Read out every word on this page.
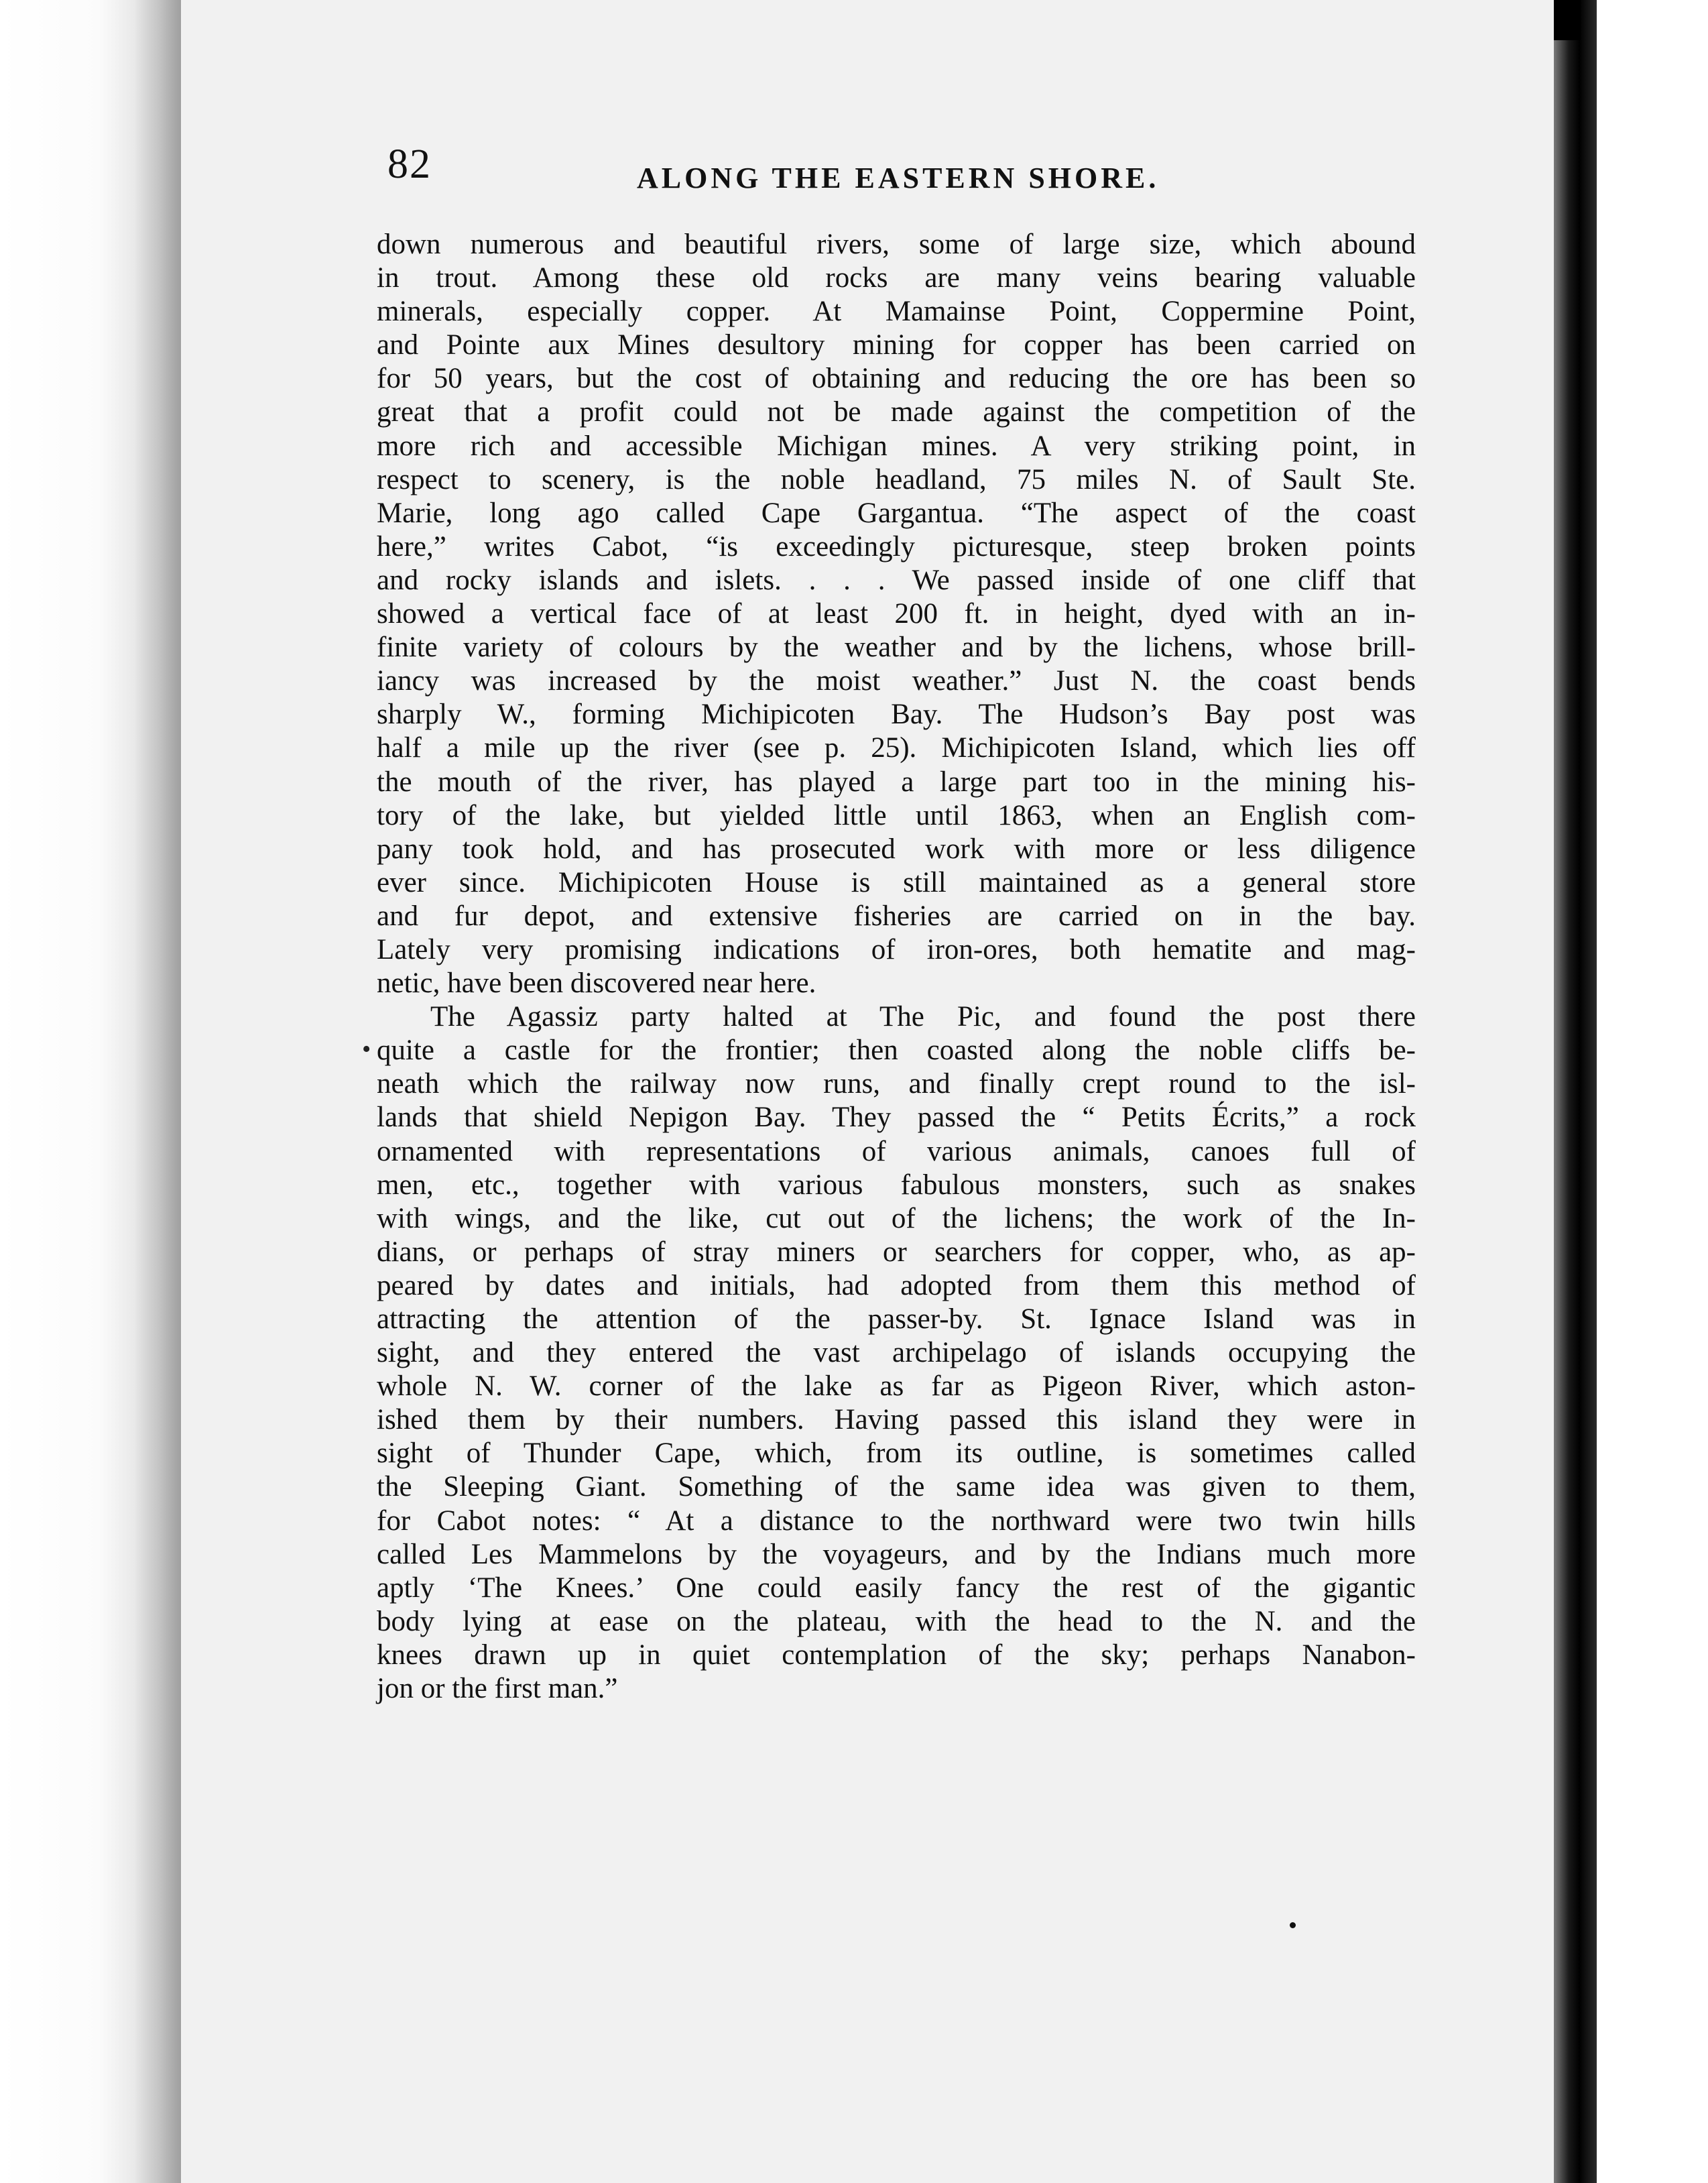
82	ALONG THE EASTERN SHORE.
•
down numerous and beautiful rivers, some of large size, which abound
in trout. Among these old rocks are many veins bearing valuable
minerals, especially copper. At Mamainse Point, Coppermine Point,
and Pointe aux Mines desultory mining for copper has been carried on
for 50 years, but the cost of obtaining and reducing the ore has been so
great that a profit could not be made against the competition of the
more rich and accessible Michigan mines. A very striking point, in
respect to scenery, is the noble headland, 75 miles N. of Sault Ste.
Marie, long ago called Cape Gargantua. “The aspect of the coast
here,” writes Cabot, “is exceedingly picturesque, steep broken points
and rocky islands and islets. . . . We passed inside of one cliff that
showed a vertical face of at least 200 ft. in height, dyed with an in-
finite variety of colours by the weather and by the lichens, whose brill-
iancy was increased by the moist weather.” Just N. the coast bends
sharply W., forming Michipicoten Bay. The Hudson’s Bay post was
half a mile up the river (see p. 25). Michipicoten Island, which lies off
the mouth of the river, has played a large part too in the mining his-
tory of the lake, but yielded little until 1863, when an English com-
pany took hold, and has prosecuted work with more or less diligence
ever since. Michipicoten House is still maintained as a general store
and fur depot, and extensive fisheries are carried on in the bay.
Lately very promising indications of iron-ores, both hematite and mag-
netic, have been discovered near here.
The Agassiz party halted at The Pic, and found the post there
quite a castle for the frontier; then coasted along the noble cliffs be-
neath which the railway now runs, and finally crept round to the isl-
lands that shield Nepigon Bay. They passed the “ Petits Écrits,” a rock
ornamented with representations of various animals, canoes full of
men, etc., together with various fabulous monsters, such as snakes
with wings, and the like, cut out of the lichens; the work of the In-
dians, or perhaps of stray miners or searchers for copper, who, as ap-
peared by dates and initials, had adopted from them this method of
attracting the attention of the passer-by. St. Ignace Island was in
sight, and they entered the vast archipelago of islands occupying the
whole N. W. corner of the lake as far as Pigeon River, which aston-
ished them by their numbers. Having passed this island they were in
sight of Thunder Cape, which, from its outline, is sometimes called
the Sleeping Giant. Something of the same idea was given to them,
for Cabot notes: “ At a distance to the northward were two twin hills
called Les Mammelons by the voyageurs, and by the Indians much more
aptly ‘The Knees.’ One could easily fancy the rest of the gigantic
body lying at ease on the plateau, with the head to the N. and the
knees drawn up in quiet contemplation of the sky; perhaps Nanabon-
jon or the first man.”
